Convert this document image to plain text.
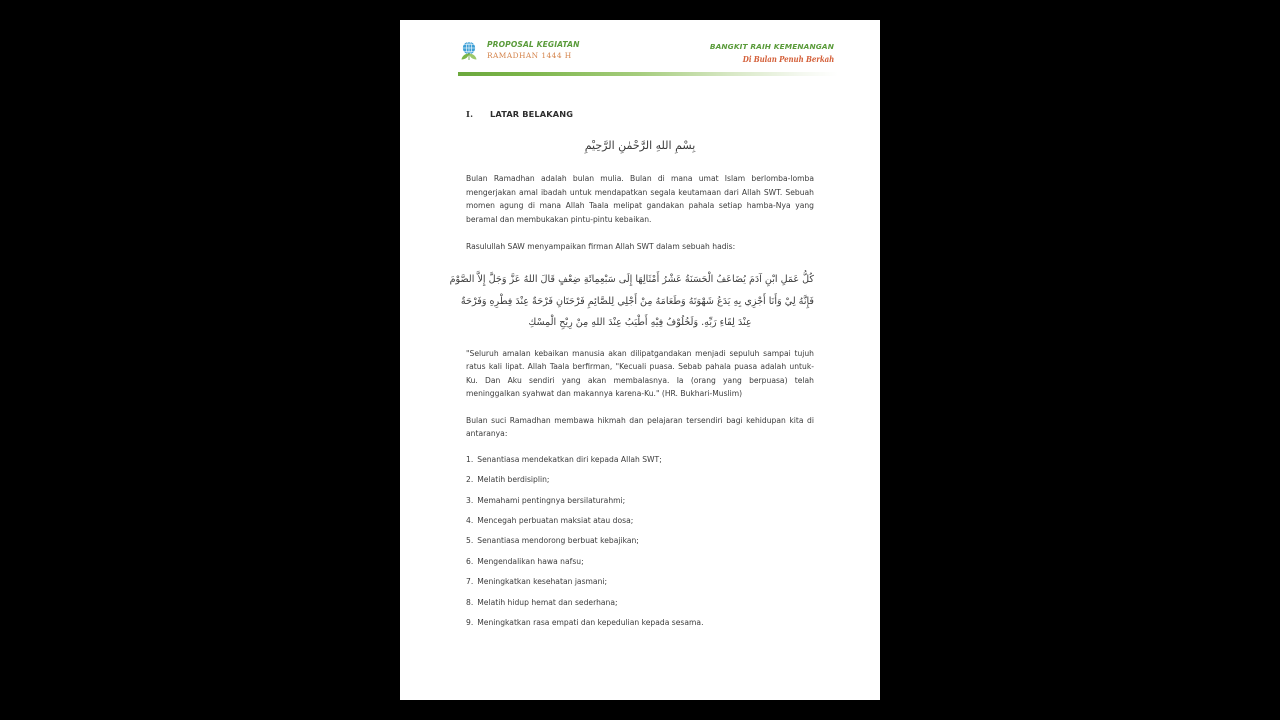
PROPOSAL KEGIATAN
RAMADHAN 1444 H
BANGKIT RAIH KEMENANGAN
Di Bulan Penuh Berkah
I.	LATAR BELAKANG
بِسْمِ اللهِ الرَّحْمٰنِ الرَّحِيْمِ

Bulan Ramadhan adalah bulan mulia. Bulan di mana umat Islam berlomba-lomba mengerjakan amal ibadah untuk mendapatkan segala keutamaan dari Allah SWT. Sebuah momen agung di mana Allah Taala melipat gandakan pahala setiap hamba-Nya yang beramal dan membukakan pintu-pintu kebaikan.

Rasulullah SAW menyampaikan firman Allah SWT dalam sebuah hadis:

كُلُّ عَمَلِ ابْنِ آدَمَ يُضَاعَفُ الْحَسَنَةُ عَشْرُ أَمْثَالِهَا إِلَى سَبْعِمِائَةِ ضِعْفٍ قَالَ اللهُ عَزَّ وَجَلَّ إِلاَّ الصَّوْمَ
فَإِنَّهُ لِيْ وَأَنَا أَجْزِي بِهِ يَدَعُ شَهْوَتَهُ وَطَعَامَهُ مِنْ أَجْلِي لِلصَّائِمِ فَرْحَتَانِ فَرْحَةٌ عِنْدَ فِطْرِهِ وَفَرْحَةٌ
عِنْدَ لِقَاءِ رَبِّهِ. وَلَخُلُوْفُ فِيْهِ أَطْيَبُ عِنْدَ اللهِ مِنْ رِيْحِ الْمِسْكِ

"Seluruh amalan kebaikan manusia akan dilipatgandakan menjadi sepuluh sampai tujuh ratus kali lipat. Allah Taala berfirman, "Kecuali puasa. Sebab pahala puasa adalah untuk-Ku. Dan Aku sendiri yang akan membalasnya. Ia (orang yang berpuasa) telah meninggalkan syahwat dan makannya karena-Ku." (HR. Bukhari-Muslim)

Bulan suci Ramadhan membawa hikmah dan pelajaran tersendiri bagi kehidupan kita di antaranya:

1. Senantiasa mendekatkan diri kepada Allah SWT;
2. Melatih berdisiplin;
3. Memahami pentingnya bersilaturahmi;
4. Mencegah perbuatan maksiat atau dosa;
5. Senantiasa mendorong berbuat kebajikan;
6. Mengendalikan hawa nafsu;
7. Meningkatkan kesehatan jasmani;
8. Melatih hidup hemat dan sederhana;
9. Meningkatkan rasa empati dan kepedulian kepada sesama.
